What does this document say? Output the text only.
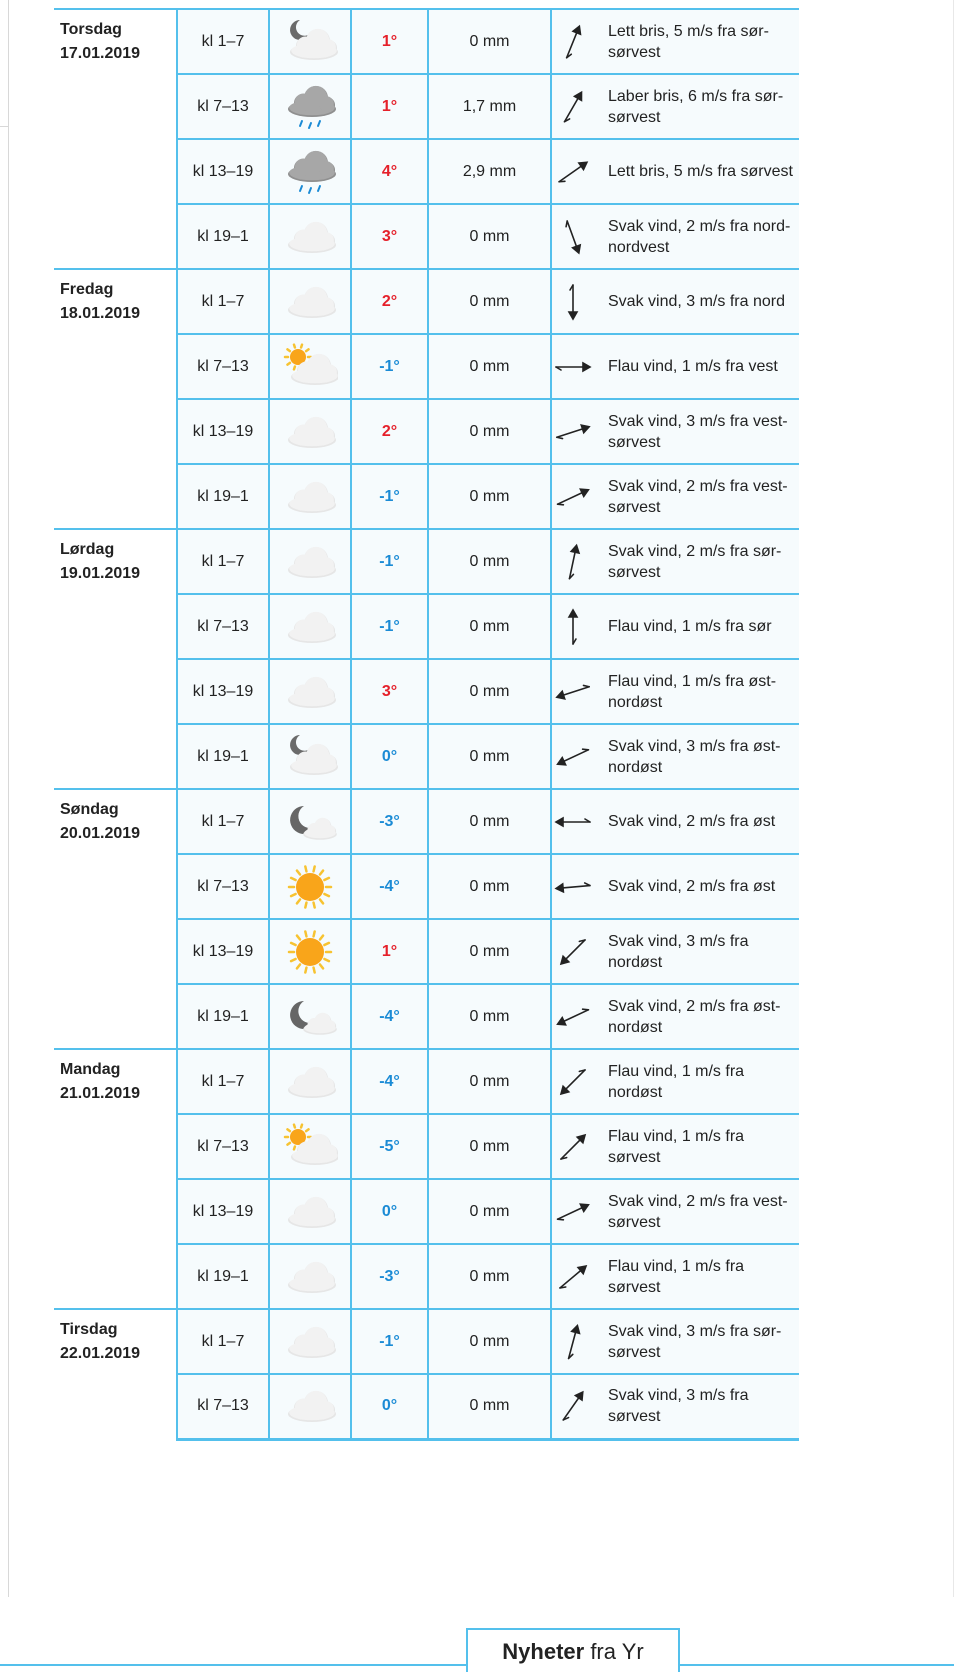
Torsdag
17.01.2019	kl 1–7		1°	0 mm	Lett bris, 5 m/s fra sør-sørvest

	kl 7–13		1°	1,7 mm	Laber bris, 6 m/s fra sør-sørvest

	kl 13–19		4°	2,9 mm	Lett bris, 5 m/s fra sørvest

	kl 19–1		3°	0 mm	Svak vind, 2 m/s fra nord-nordvest

Fredag
18.01.2019	kl 1–7		2°	0 mm	Svak vind, 3 m/s fra nord

	kl 7–13		-1°	0 mm	Flau vind, 1 m/s fra vest

	kl 13–19		2°	0 mm	Svak vind, 3 m/s fra vest-sørvest

	kl 19–1		-1°	0 mm	Svak vind, 2 m/s fra vest-sørvest

Lørdag
19.01.2019	kl 1–7		-1°	0 mm	Svak vind, 2 m/s fra sør-sørvest

	kl 7–13		-1°	0 mm	Flau vind, 1 m/s fra sør

	kl 13–19		3°	0 mm	Flau vind, 1 m/s fra øst-nordøst

	kl 19–1		0°	0 mm	Svak vind, 3 m/s fra øst-nordøst

Søndag
20.01.2019	kl 1–7		-3°	0 mm	Svak vind, 2 m/s fra øst

	kl 7–13		-4°	0 mm	Svak vind, 2 m/s fra øst

	kl 13–19		1°	0 mm	Svak vind, 3 m/s fra nordøst

	kl 19–1		-4°	0 mm	Svak vind, 2 m/s fra øst-nordøst

Mandag
21.01.2019	kl 1–7		-4°	0 mm	Flau vind, 1 m/s fra nordøst

	kl 7–13		-5°	0 mm	Flau vind, 1 m/s fra sørvest

	kl 13–19		0°	0 mm	Svak vind, 2 m/s fra vest-sørvest

	kl 19–1		-3°	0 mm	Flau vind, 1 m/s fra sørvest

Tirsdag
22.01.2019	kl 1–7		-1°	0 mm	Svak vind, 3 m/s fra sør-sørvest

	kl 7–13		0°	0 mm	Svak vind, 3 m/s fra sørvest
Nyheter fra Yr
